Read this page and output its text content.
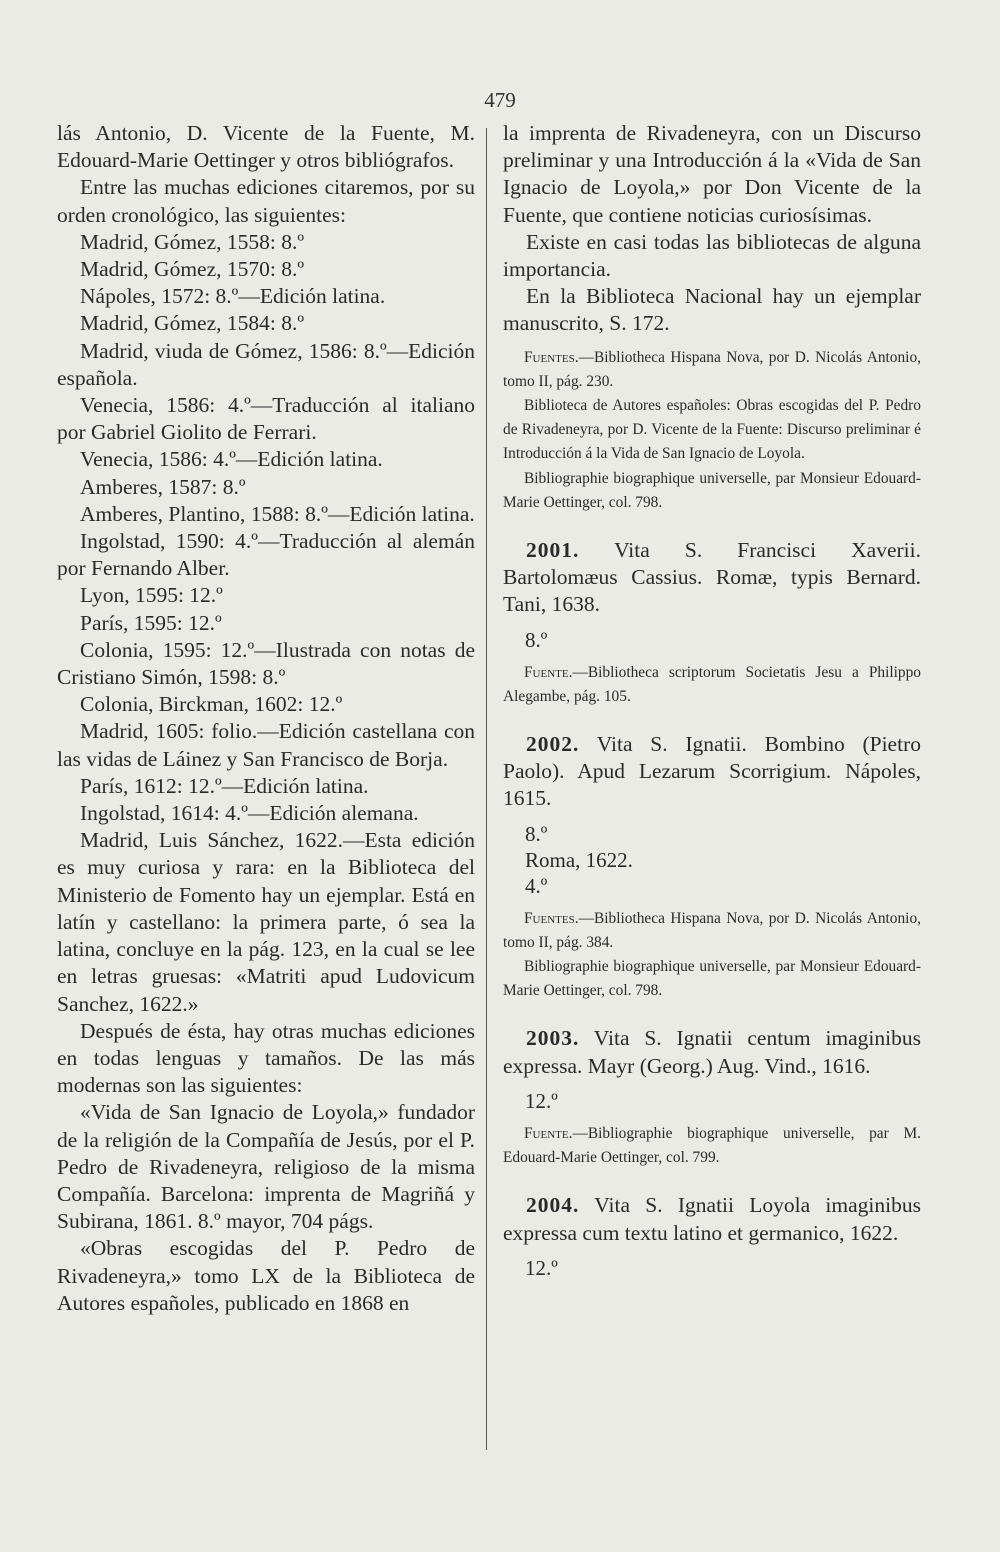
479

lás Antonio, D. Vicente de la Fuente, M. Edouard-Marie Oettinger y otros bibliógrafos.

Entre las muchas ediciones citaremos, por su orden cronológico, las siguientes:

Madrid, Gómez, 1558: 8.º

Madrid, Gómez, 1570: 8.º

Nápoles, 1572: 8.º—Edición latina.

Madrid, Gómez, 1584: 8.º

Madrid, viuda de Gómez, 1586: 8.º—Edición española.

Venecia, 1586: 4.º—Traducción al italiano por Gabriel Giolito de Ferrari.

Venecia, 1586: 4.º—Edición latina.

Amberes, 1587: 8.º

Amberes, Plantino, 1588: 8.º—Edición latina.

Ingolstad, 1590: 4.º—Traducción al alemán por Fernando Alber.

Lyon, 1595: 12.º

París, 1595: 12.º

Colonia, 1595: 12.º—Ilustrada con notas de Cristiano Simón, 1598: 8.º

Colonia, Birckman, 1602: 12.º

Madrid, 1605: folio.—Edición castellana con las vidas de Láinez y San Francisco de Borja.

París, 1612: 12.º—Edición latina.

Ingolstad, 1614: 4.º—Edición alemana.

Madrid, Luis Sánchez, 1622.—Esta edición es muy curiosa y rara: en la Biblioteca del Ministerio de Fomento hay un ejemplar. Está en latín y castellano: la primera parte, ó sea la latina, concluye en la pág. 123, en la cual se lee en letras gruesas: «Matriti apud Ludovicum Sanchez, 1622.»

Después de ésta, hay otras muchas ediciones en todas lenguas y tamaños. De las más modernas son las siguientes:

«Vida de San Ignacio de Loyola,» fundador de la religión de la Compañía de Jesús, por el P. Pedro de Rivadeneyra, religioso de la misma Compañía. Barcelona: imprenta de Magriñá y Subirana, 1861. 8.º mayor, 704 págs.

«Obras escogidas del P. Pedro de Rivadeneyra,» tomo LX de la Biblioteca de Autores españoles, publicado en 1868 en

la imprenta de Rivadeneyra, con un Discurso preliminar y una Introducción á la «Vida de San Ignacio de Loyola,» por Don Vicente de la Fuente, que contiene noticias curiosísimas.

Existe en casi todas las bibliotecas de alguna importancia.

En la Biblioteca Nacional hay un ejemplar manuscrito, S. 172.

Fuentes.—Bibliotheca Hispana Nova, por D. Nicolás Antonio, tomo II, pág. 230.

Biblioteca de Autores españoles: Obras escogidas del P. Pedro de Rivadeneyra, por D. Vicente de la Fuente: Discurso preliminar é Introducción á la Vida de San Ignacio de Loyola.

Bibliographie biographique universelle, par Monsieur Edouard-Marie Oettinger, col. 798.

2001. Vita S. Francisci Xaverii. Bartolomæus Cassius. Romæ, typis Bernard. Tani, 1638.

8.º

Fuente.—Bibliotheca scriptorum Societatis Jesu a Philippo Alegambe, pág. 105.

2002. Vita S. Ignatii. Bombino (Pietro Paolo). Apud Lezarum Scorrigium. Nápoles, 1615.

8.º

Roma, 1622.

4.º

Fuentes.—Bibliotheca Hispana Nova, por D. Nicolás Antonio, tomo II, pág. 384.

Bibliographie biographique universelle, par Monsieur Edouard-Marie Oettinger, col. 798.

2003. Vita S. Ignatii centum imaginibus expressa. Mayr (Georg.) Aug. Vind., 1616.

12.º

Fuente.—Bibliographie biographique universelle, par M. Edouard-Marie Oettinger, col. 799.

2004. Vita S. Ignatii Loyola imaginibus expressa cum textu latino et germanico, 1622.

12.º
